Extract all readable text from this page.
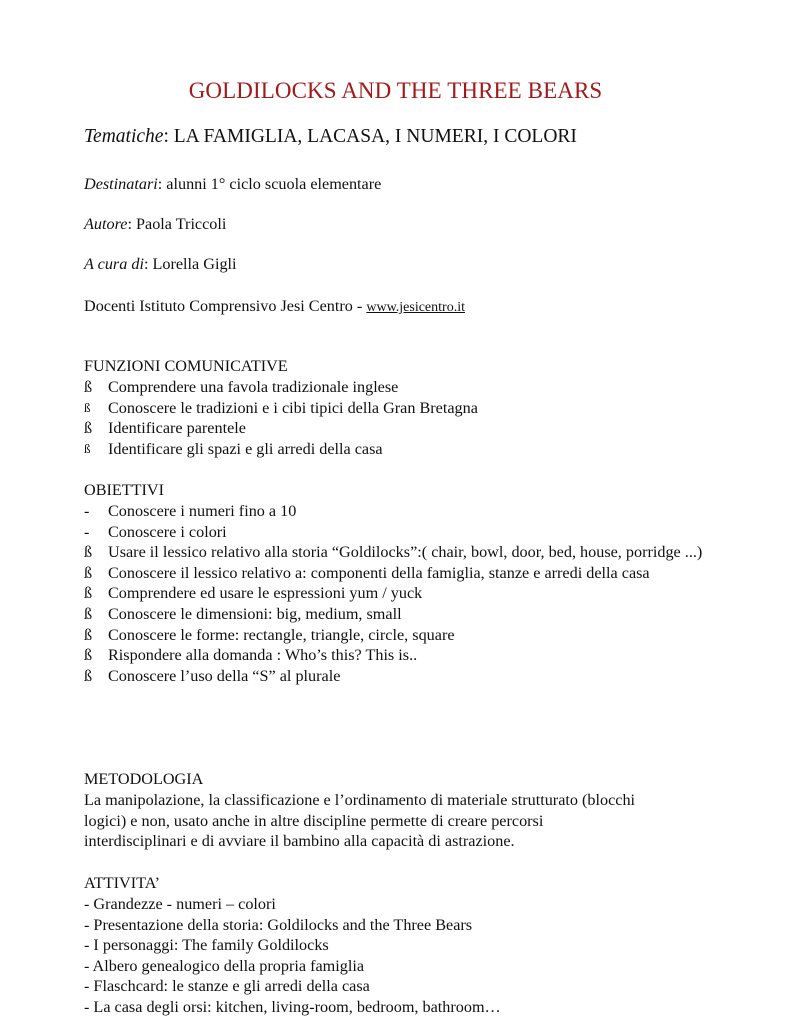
GOLDILOCKS AND THE THREE BEARS
Tematiche: LA FAMIGLIA, LACASA, I NUMERI, I COLORI
Destinatari: alunni 1° ciclo scuola elementare
Autore: Paola Triccoli
A cura di: Lorella Gigli
Docenti Istituto Comprensivo Jesi Centro - www.jesicentro.it
FUNZIONI COMUNICATIVE
ß Comprendere una favola tradizionale inglese
ß Conoscere le tradizioni e i cibi tipici della Gran Bretagna
ß Identificare parentele
ß Identificare gli spazi e gli arredi della casa
OBIETTIVI
- Conoscere i numeri fino a 10
- Conoscere i colori
ß Usare il lessico relativo alla storia “Goldilocks”:( chair, bowl, door, bed, house, porridge ...)
ß Conoscere il lessico relativo a: componenti della famiglia, stanze e arredi della casa
ß Comprendere ed usare le espressioni yum / yuck
ß Conoscere le dimensioni: big, medium, small
ß Conoscere le forme: rectangle, triangle, circle, square
ß Rispondere alla domanda : Who’s this? This is..
ß Conoscere l’uso della “S” al plurale
METODOLOGIA
La manipolazione, la classificazione e l’ordinamento di materiale strutturato (blocchi
logici) e non, usato anche in altre discipline permette di creare percorsi
interdisciplinari e di avviare il bambino alla capacità di astrazione.
ATTIVITA’
- Grandezze - numeri – colori
- Presentazione della storia: Goldilocks and the Three Bears
- I personaggi: The family Goldilocks
- Albero genealogico della propria famiglia
- Flaschcard: le stanze e gli arredi della casa
- La casa degli orsi: kitchen, living-room, bedroom, bathroom…
